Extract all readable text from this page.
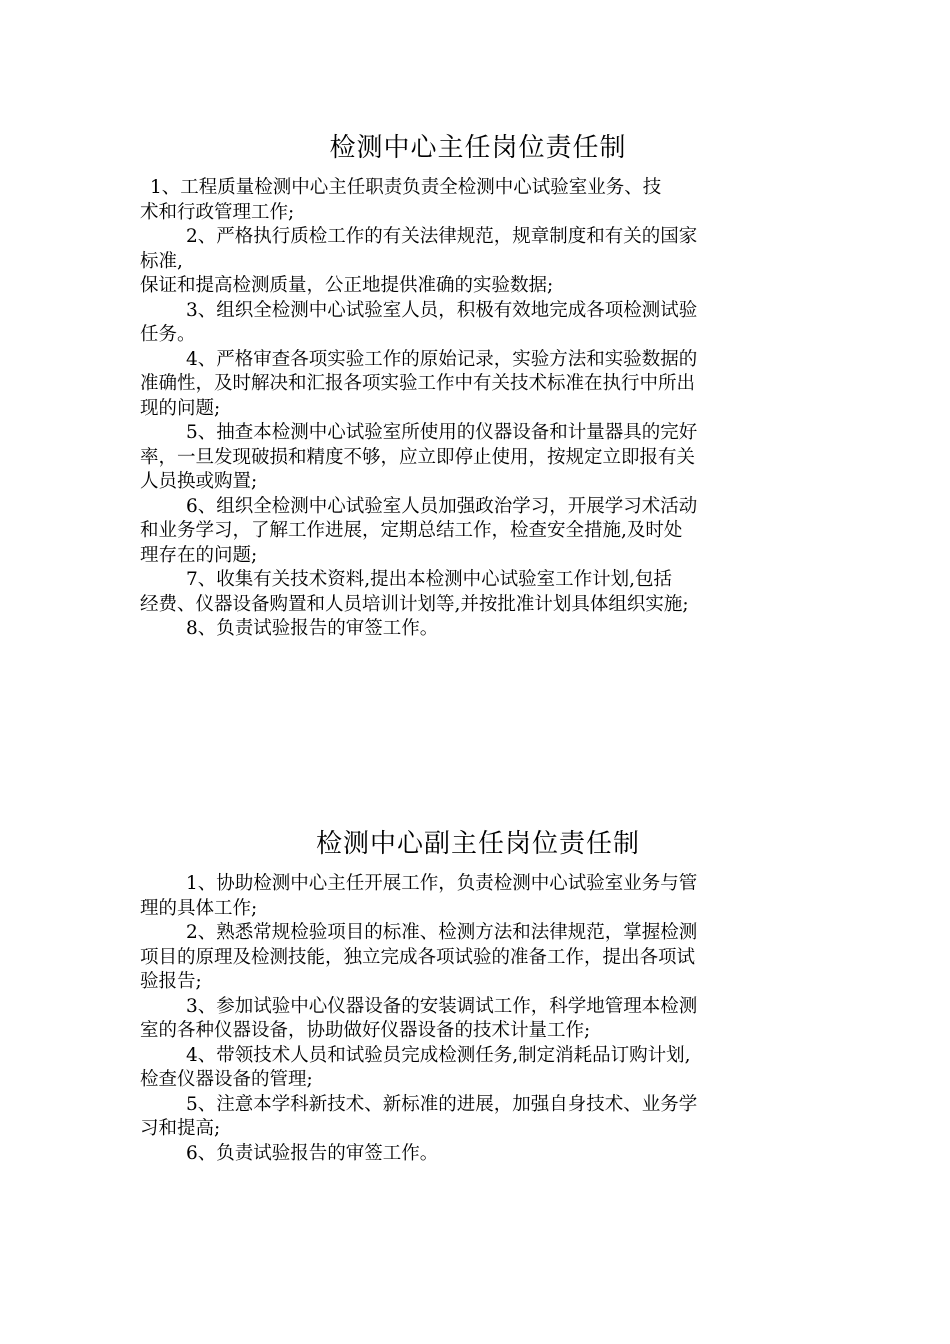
检测中心主任岗位责任制
1、工程质量检测中心主任职责负责全检测中心试验室业务、技
术和行政管理工作;
2、严格执行质检工作的有关法律规范，规章制度和有关的国家
标准,
保证和提高检测质量，公正地提供准确的实验数据;
3、组织全检测中心试验室人员，积极有效地完成各项检测试验
任务。
4、严格审查各项实验工作的原始记录，实验方法和实验数据的
准确性，及时解决和汇报各项实验工作中有关技术标准在执行中所出
现的问题;
5、抽查本检测中心试验室所使用的仪器设备和计量器具的完好
率，一旦发现破损和精度不够，应立即停止使用，按规定立即报有关
人员换或购置;
6、组织全检测中心试验室人员加强政治学习，开展学习术活动
和业务学习，了解工作进展，定期总结工作，检查安全措施,及时处
理存在的问题;
7、收集有关技术资料,提出本检测中心试验室工作计划,包括
经费、仪器设备购置和人员培训计划等,并按批准计划具体组织实施;
8、负责试验报告的审签工作。
检测中心副主任岗位责任制
1、协助检测中心主任开展工作，负责检测中心试验室业务与管
理的具体工作;
2、熟悉常规检验项目的标准、检测方法和法律规范，掌握检测
项目的原理及检测技能，独立完成各项试验的准备工作，提出各项试
验报告;
3、参加试验中心仪器设备的安装调试工作，科学地管理本检测
室的各种仪器设备，协助做好仪器设备的技术计量工作;
4、带领技术人员和试验员完成检测任务,制定消耗品订购计划,
检查仪器设备的管理;
5、注意本学科新技术、新标准的进展，加强自身技术、业务学
习和提高;
6、负责试验报告的审签工作。
